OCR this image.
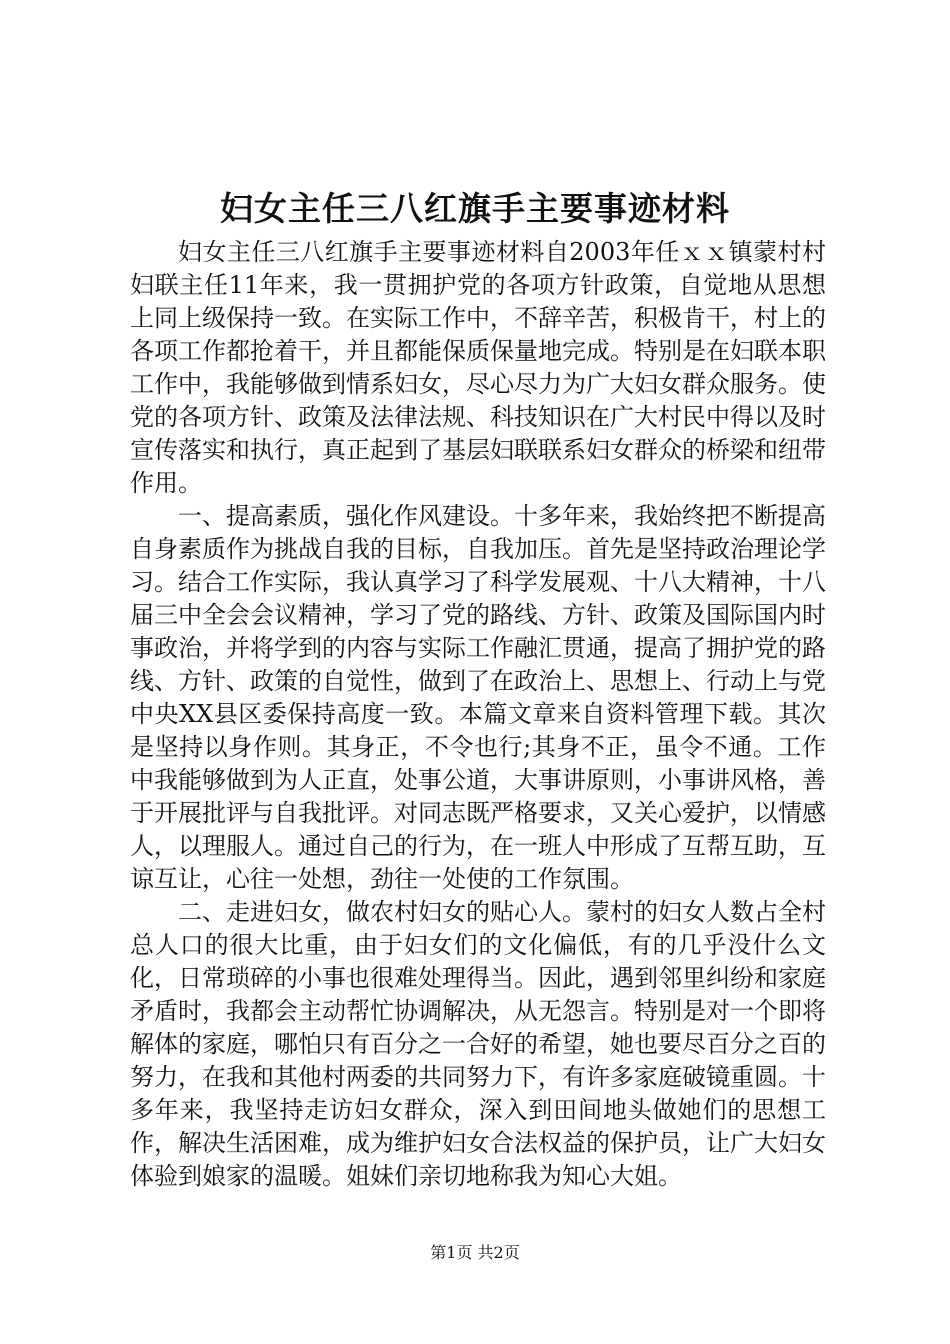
妇女主任三八红旗手主要事迹材料

妇女主任三八红旗手主要事迹材料自2003年任ｘｘ镇蒙村村妇联主任11年来，我一贯拥护党的各项方针政策，自觉地从思想上同上级保持一致。在实际工作中，不辞辛苦，积极肯干，村上的各项工作都抢着干，并且都能保质保量地完成。特别是在妇联本职工作中，我能够做到情系妇女，尽心尽力为广大妇女群众服务。使党的各项方针、政策及法律法规、科技知识在广大村民中得以及时宣传落实和执行，真正起到了基层妇联联系妇女群众的桥梁和纽带作用。

一、提高素质，强化作风建设。十多年来，我始终把不断提高自身素质作为挑战自我的目标，自我加压。首先是坚持政治理论学习。结合工作实际，我认真学习了科学发展观、十八大精神，十八届三中全会会议精神，学习了党的路线、方针、政策及国际国内时事政治，并将学到的内容与实际工作融汇贯通，提高了拥护党的路线、方针、政策的自觉性，做到了在政治上、思想上、行动上与党中央XX县区委保持高度一致。本篇文章来自资料管理下载。其次是坚持以身作则。其身正，不令也行;其身不正，虽令不通。工作中我能够做到为人正直，处事公道，大事讲原则，小事讲风格，善于开展批评与自我批评。对同志既严格要求，又关心爱护，以情感人，以理服人。通过自己的行为，在一班人中形成了互帮互助，互谅互让，心往一处想，劲往一处使的工作氛围。

二、走进妇女，做农村妇女的贴心人。蒙村的妇女人数占全村总人口的很大比重，由于妇女们的文化偏低，有的几乎没什么文化，日常琐碎的小事也很难处理得当。因此，遇到邻里纠纷和家庭矛盾时，我都会主动帮忙协调解决，从无怨言。特别是对一个即将解体的家庭，哪怕只有百分之一合好的希望，她也要尽百分之百的努力，在我和其他村两委的共同努力下，有许多家庭破镜重圆。十多年来，我坚持走访妇女群众，深入到田间地头做她们的思想工作，解决生活困难，成为维护妇女合法权益的保护员，让广大妇女体验到娘家的温暖。姐妹们亲切地称我为知心大姐。

第1页 共2页
